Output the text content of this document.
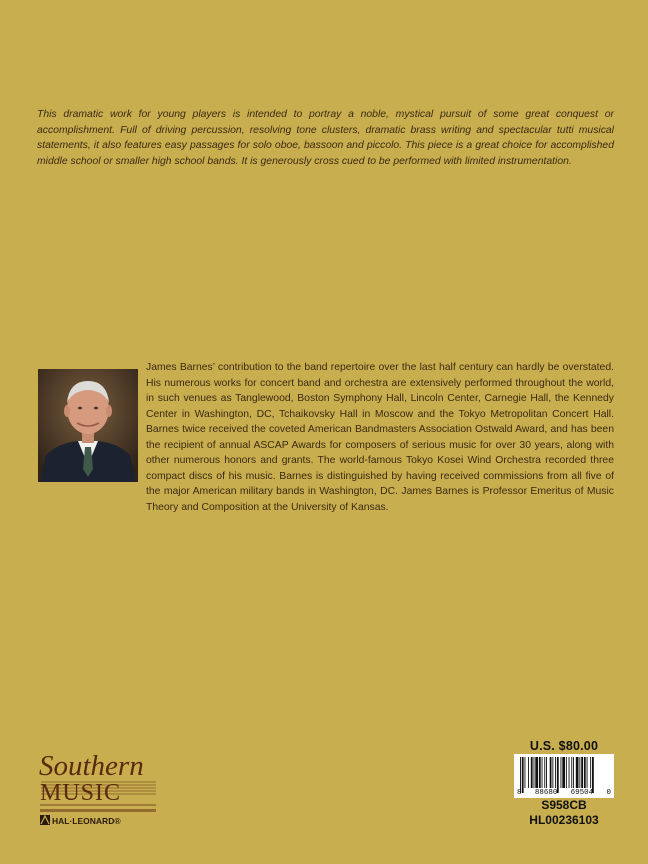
This dramatic work for young players is intended to portray a noble, mystical pursuit of some great conquest or accomplishment. Full of driving percussion, resolving tone clusters, dramatic brass writing and spectacular tutti musical statements, it also features easy passages for solo oboe, bassoon and piccolo. This piece is a great choice for accomplished middle school or smaller high school bands. It is generously cross cued to be performed with limited instrumentation.

James Barnes’ contribution to the band repertoire over the last half century can hardly be overstated. His numerous works for concert band and orchestra are extensively performed throughout the world, in such venues as Tanglewood, Boston Symphony Hall, Lincoln Center, Carnegie Hall, the Kennedy Center in Washington, DC, Tchaikovsky Hall in Moscow and the Tokyo Metropolitan Concert Hall. Barnes twice received the coveted American Bandmasters Association Ostwald Award, and has been the recipient of annual ASCAP Awards for composers of serious music for over 30 years, along with other numerous honors and grants. The world-famous Tokyo Kosei Wind Orchestra recorded three compact discs of his music. Barnes is distinguished by having received commissions from all five of the major American military bands in Washington, DC. James Barnes is Professor Emeritus of Music Theory and Composition at the University of Kansas.

Southern
MUSIC
HAL·LEONARD®
U.S. $80.00
8 88680 69504 0
S958CB
HL00236103
